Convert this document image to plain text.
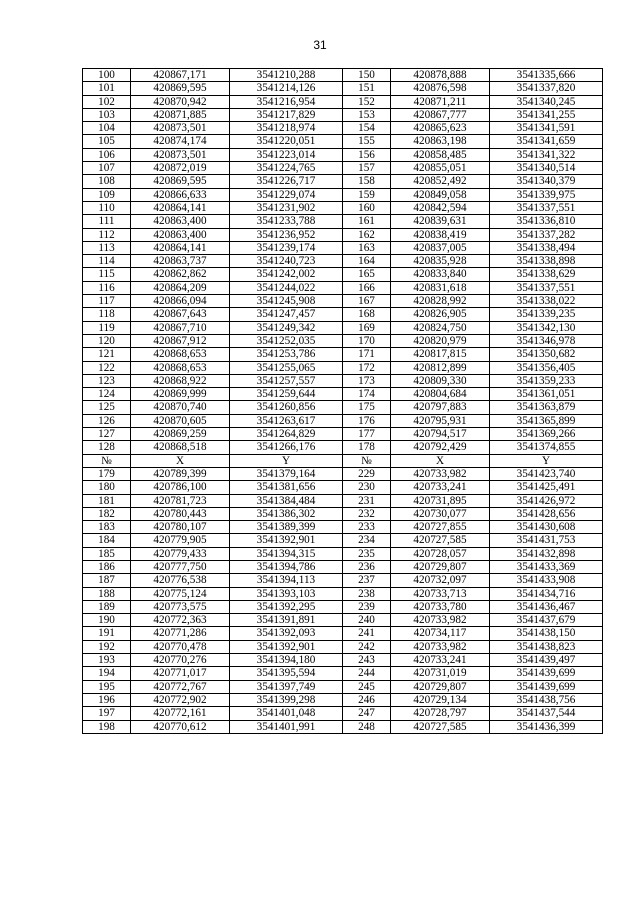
31
100	420867,171	3541210,288	150	420878,888	3541335,666
101	420869,595	3541214,126	151	420876,598	3541337,820
102	420870,942	3541216,954	152	420871,211	3541340,245
103	420871,885	3541217,829	153	420867,777	3541341,255
104	420873,501	3541218,974	154	420865,623	3541341,591
105	420874,174	3541220,051	155	420863,198	3541341,659
106	420873,501	3541223,014	156	420858,485	3541341,322
107	420872,019	3541224,765	157	420855,051	3541340,514
108	420869,595	3541226,717	158	420852,492	3541340,379
109	420866,633	3541229,074	159	420849,058	3541339,975
110	420864,141	3541231,902	160	420842,594	3541337,551
111	420863,400	3541233,788	161	420839,631	3541336,810
112	420863,400	3541236,952	162	420838,419	3541337,282
113	420864,141	3541239,174	163	420837,005	3541338,494
114	420863,737	3541240,723	164	420835,928	3541338,898
115	420862,862	3541242,002	165	420833,840	3541338,629
116	420864,209	3541244,022	166	420831,618	3541337,551
117	420866,094	3541245,908	167	420828,992	3541338,022
118	420867,643	3541247,457	168	420826,905	3541339,235
119	420867,710	3541249,342	169	420824,750	3541342,130
120	420867,912	3541252,035	170	420820,979	3541346,978
121	420868,653	3541253,786	171	420817,815	3541350,682
122	420868,653	3541255,065	172	420812,899	3541356,405
123	420868,922	3541257,557	173	420809,330	3541359,233
124	420869,999	3541259,644	174	420804,684	3541361,051
125	420870,740	3541260,856	175	420797,883	3541363,879
126	420870,605	3541263,617	176	420795,931	3541365,899
127	420869,259	3541264,829	177	420794,517	3541369,266
128	420868,518	3541266,176	178	420792,429	3541374,855
№	X	Y	№	X	Y
179	420789,399	3541379,164	229	420733,982	3541423,740
180	420786,100	3541381,656	230	420733,241	3541425,491
181	420781,723	3541384,484	231	420731,895	3541426,972
182	420780,443	3541386,302	232	420730,077	3541428,656
183	420780,107	3541389,399	233	420727,855	3541430,608
184	420779,905	3541392,901	234	420727,585	3541431,753
185	420779,433	3541394,315	235	420728,057	3541432,898
186	420777,750	3541394,786	236	420729,807	3541433,369
187	420776,538	3541394,113	237	420732,097	3541433,908
188	420775,124	3541393,103	238	420733,713	3541434,716
189	420773,575	3541392,295	239	420733,780	3541436,467
190	420772,363	3541391,891	240	420733,982	3541437,679
191	420771,286	3541392,093	241	420734,117	3541438,150
192	420770,478	3541392,901	242	420733,982	3541438,823
193	420770,276	3541394,180	243	420733,241	3541439,497
194	420771,017	3541395,594	244	420731,019	3541439,699
195	420772,767	3541397,749	245	420729,807	3541439,699
196	420772,902	3541399,298	246	420729,134	3541438,756
197	420772,161	3541401,048	247	420728,797	3541437,544
198	420770,612	3541401,991	248	420727,585	3541436,399
